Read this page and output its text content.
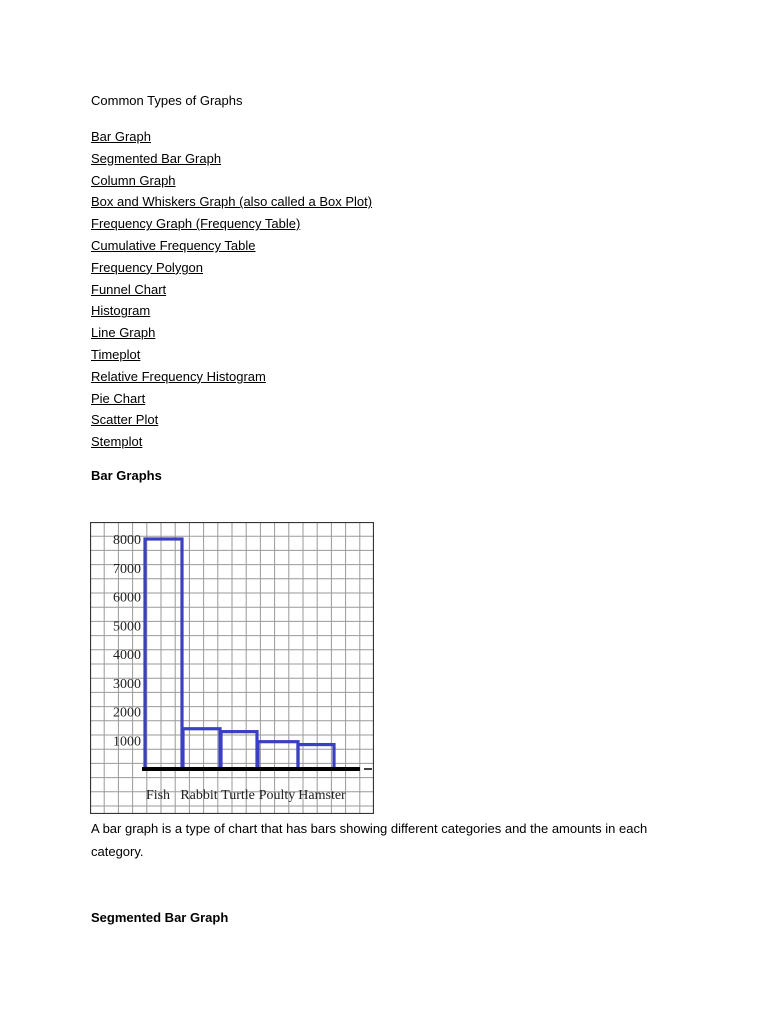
Common Types of Graphs
Bar Graph
Segmented Bar Graph
Column Graph
Box and Whiskers Graph (also called a Box Plot)
Frequency Graph (Frequency Table)
Cumulative Frequency Table
Frequency Polygon
Funnel Chart
Histogram
Line Graph
Timeplot
Relative Frequency Histogram
Pie Chart
Scatter Plot
Stemplot
Bar Graphs
8000
7000
6000
5000
4000
3000
2000
1000
Fish Rabbit Turtle Poulty Hamster
A bar graph is a type of chart that has bars showing different categories and the amounts in each category.
Segmented Bar Graph
